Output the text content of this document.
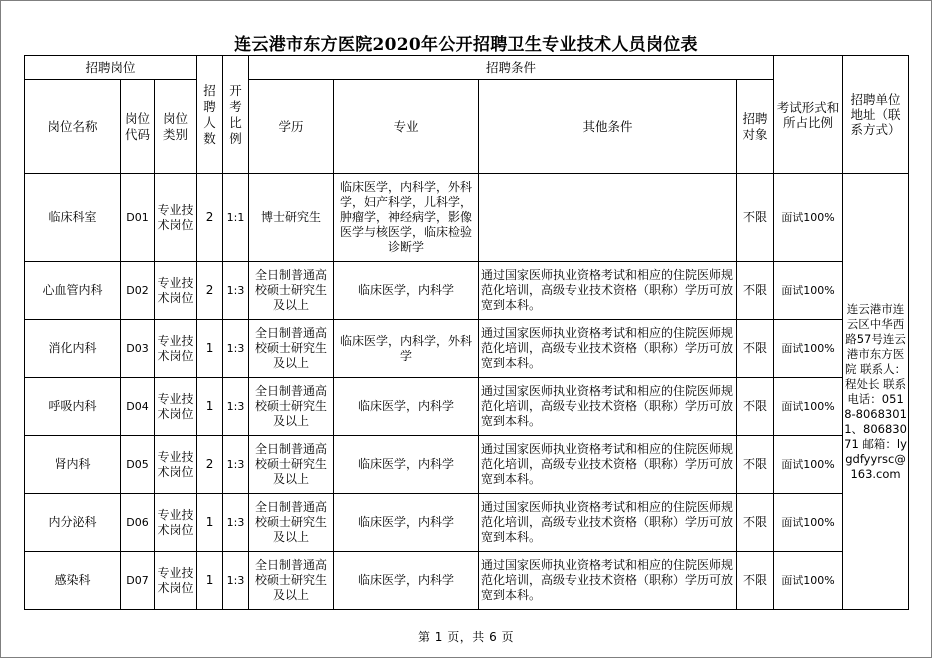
连云港市东方医院2020年公开招聘卫生专业技术人员岗位表
招聘岗位			招聘人数	开考比例	招聘条件				考试形式和所占比例	招聘单位地址（联系方式）
岗位名称	岗位代码	岗位类别			学历	专业	其他条件	招聘对象		
临床科室	D01	专业技术岗位	2	1:1	博士研究生	临床医学，内科学，外科学，妇产科学，儿科学，肿瘤学，神经病学，影像医学与核医学，临床检验诊断学		不限	面试100%	连云港市连云区中华西路57号连云港市东方医院 联系人：程处长 联系电话：0518-80683011、80683071 邮箱：lygdfyyrsc@163.com
心血管内科	D02	专业技术岗位	2	1:3	全日制普通高校硕士研究生及以上	临床医学，内科学	通过国家医师执业资格考试和相应的住院医师规范化培训，高级专业技术资格（职称）学历可放宽到本科。	不限	面试100%	
消化内科	D03	专业技术岗位	1	1:3	全日制普通高校硕士研究生及以上	临床医学，内科学，外科学	通过国家医师执业资格考试和相应的住院医师规范化培训，高级专业技术资格（职称）学历可放宽到本科。	不限	面试100%	
呼吸内科	D04	专业技术岗位	1	1:3	全日制普通高校硕士研究生及以上	临床医学，内科学	通过国家医师执业资格考试和相应的住院医师规范化培训，高级专业技术资格（职称）学历可放宽到本科。	不限	面试100%	
肾内科	D05	专业技术岗位	2	1:3	全日制普通高校硕士研究生及以上	临床医学，内科学	通过国家医师执业资格考试和相应的住院医师规范化培训，高级专业技术资格（职称）学历可放宽到本科。	不限	面试100%	
内分泌科	D06	专业技术岗位	1	1:3	全日制普通高校硕士研究生及以上	临床医学，内科学	通过国家医师执业资格考试和相应的住院医师规范化培训，高级专业技术资格（职称）学历可放宽到本科。	不限	面试100%	
感染科	D07	专业技术岗位	1	1:3	全日制普通高校硕士研究生及以上	临床医学，内科学	通过国家医师执业资格考试和相应的住院医师规范化培训，高级专业技术资格（职称）学历可放宽到本科。	不限	面试100%	
第 1 页，共 6 页
